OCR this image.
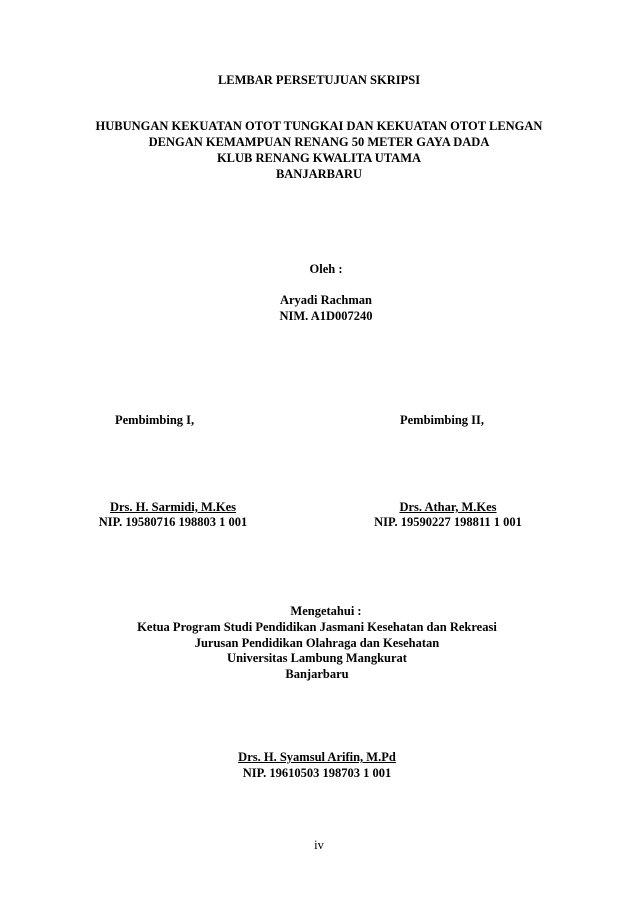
LEMBAR PERSETUJUAN SKRIPSI
HUBUNGAN KEKUATAN OTOT TUNGKAI DAN KEKUATAN OTOT LENGAN
DENGAN KEMAMPUAN RENANG 50 METER GAYA DADA
KLUB RENANG KWALITA UTAMA
BANJARBARU
Oleh :
Aryadi Rachman
NIM. A1D007240
Pembimbing I,	Pembimbing II,
Drs. H. Sarmidi, M.Kes
NIP. 19580716 198803 1 001
Drs. Athar, M.Kes
NIP. 19590227 198811 1 001
Mengetahui :
Ketua Program Studi Pendidikan Jasmani Kesehatan dan Rekreasi
Jurusan Pendidikan Olahraga dan Kesehatan
Universitas Lambung Mangkurat
Banjarbaru
Drs. H. Syamsul Arifin, M.Pd
NIP. 19610503 198703 1 001
iv
